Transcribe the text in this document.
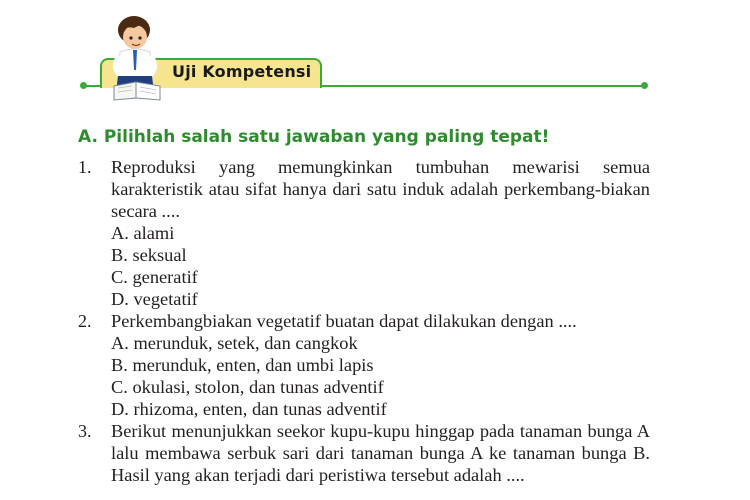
Uji Kompetensi
A. Pilihlah salah satu jawaban yang paling tepat!
1.	Reproduksi yang memungkinkan tumbuhan mewarisi semua karakteristik atau sifat hanya dari satu induk adalah perkembang-biakan secara ....
A. alami
B. seksual
C. generatif
D. vegetatif
2.	Perkembangbiakan vegetatif buatan dapat dilakukan dengan ....
A. merunduk, setek, dan cangkok
B. merunduk, enten, dan umbi lapis
C. okulasi, stolon, dan tunas adventif
D. rhizoma, enten, dan tunas adventif
3.	Berikut menunjukkan seekor kupu-kupu hinggap pada tanaman bunga A lalu membawa serbuk sari dari tanaman bunga A ke tanaman bunga B. Hasil yang akan terjadi dari peristiwa tersebut adalah ....
